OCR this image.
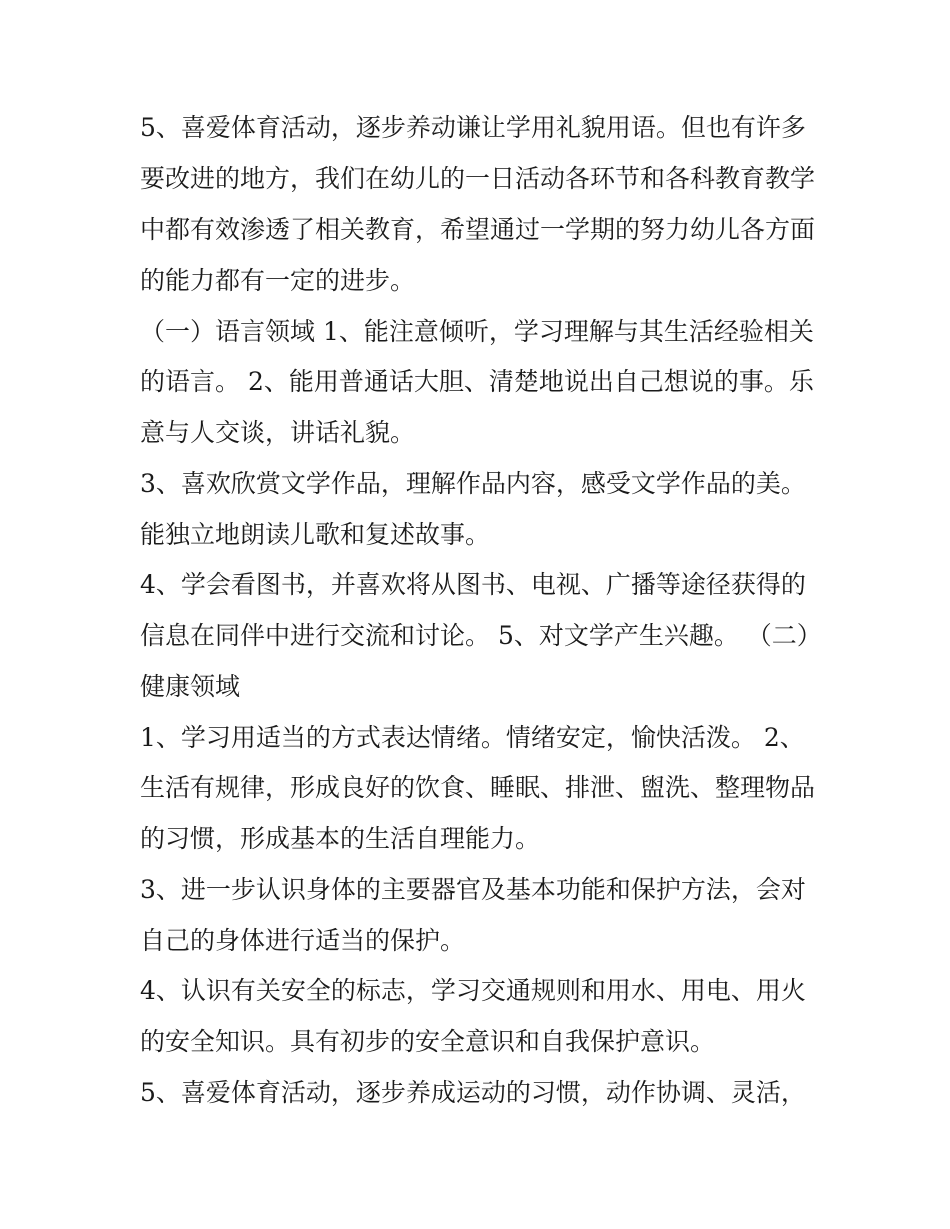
5、喜爱体育活动，逐步养动谦让学用礼貌用语。但也有许多
要改进的地方，我们在幼儿的一日活动各环节和各科教育教学
中都有效渗透了相关教育，希望通过一学期的努力幼儿各方面
的能力都有一定的进步。
（一）语言领域 1、能注意倾听，学习理解与其生活经验相关
的语言。 2、能用普通话大胆、清楚地说出自己想说的事。乐
意与人交谈，讲话礼貌。
3、喜欢欣赏文学作品，理解作品内容，感受文学作品的美。
能独立地朗读儿歌和复述故事。
4、学会看图书，并喜欢将从图书、电视、广播等途径获得的
信息在同伴中进行交流和讨论。 5、对文学产生兴趣。 （二）
健康领域
1、学习用适当的方式表达情绪。情绪安定，愉快活泼。 2、
生活有规律，形成良好的饮食、睡眠、排泄、盥洗、整理物品
的习惯，形成基本的生活自理能力。
3、进一步认识身体的主要器官及基本功能和保护方法，会对
自己的身体进行适当的保护。
4、认识有关安全的标志，学习交通规则和用水、用电、用火
的安全知识。具有初步的安全意识和自我保护意识。
5、喜爱体育活动，逐步养成运动的习惯，动作协调、灵活，
